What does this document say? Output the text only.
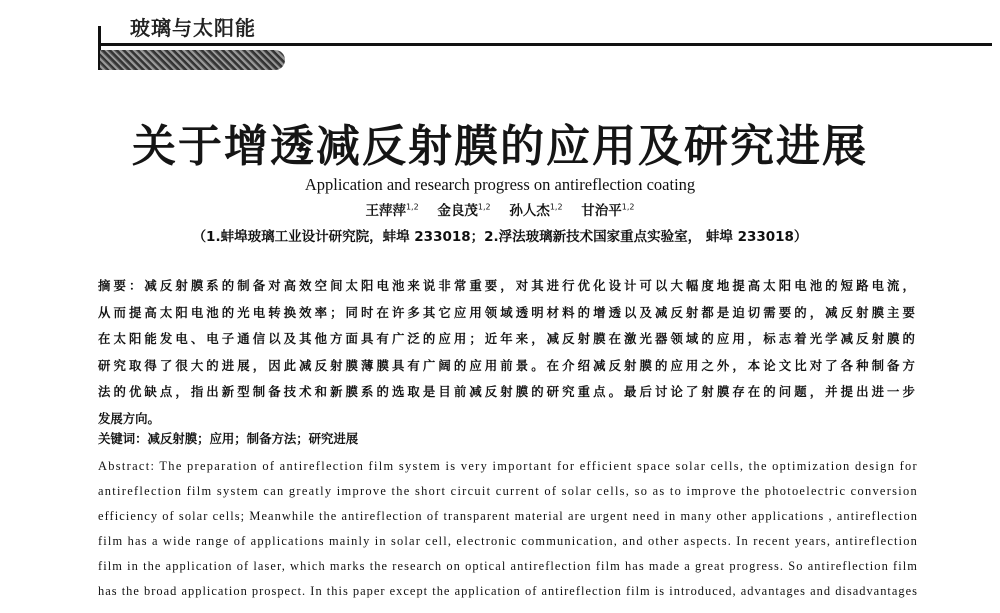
玻璃与太阳能
关于增透减反射膜的应用及研究进展
Application and research progress on antireflection coating
王萍萍$^{1,2}$ 金良茂$^{1,2}$ 孙人杰$^{1,2}$ 甘治平$^{1,2}$
（1.蚌埠玻璃工业设计研究院，蚌埠 233018；2.浮法玻璃新技术国家重点实验室， 蚌埠 233018）
摘要：减反射膜系的制备对高效空间太阳电池来说非常重要，对其进行优化设计可以大幅度地提高太阳电池的短路电流，
从而提高太阳电池的光电转换效率；同时在许多其它应用领域透明材料的增透以及减反射都是迫切需要的，减反射膜主要
在太阳能发电、电子通信以及其他方面具有广泛的应用；近年来，减反射膜在激光器领域的应用，标志着光学减反射膜的
研究取得了很大的进展，因此减反射膜薄膜具有广阔的应用前景。在介绍减反射膜的应用之外，本论文比对了各种制备方
法的优缺点，指出新型制备技术和新膜系的选取是目前减反射膜的研究重点。最后讨论了射膜存在的问题，并提出进一步
发展方向。
关键词：减反射膜；应用；制备方法；研究进展
Abstract: The preparation of antireflection film system is very important for efficient space solar cells, the optimization design for
antireflection film system can greatly improve the short circuit current of solar cells, so as to improve the photoelectric conversion
efficiency of solar cells; Meanwhile the antireflection of transparent material are urgent need in many other applications , antireflection
film has a wide range of applications mainly in solar cell, electronic communication, and other aspects. In recent years, antireflection
film in the application of laser, which marks the research on optical antireflection film has made a great progress. So antireflection film
has the broad application prospect. In this paper except the application of antireflection film is introduced, advantages and disadvantages
